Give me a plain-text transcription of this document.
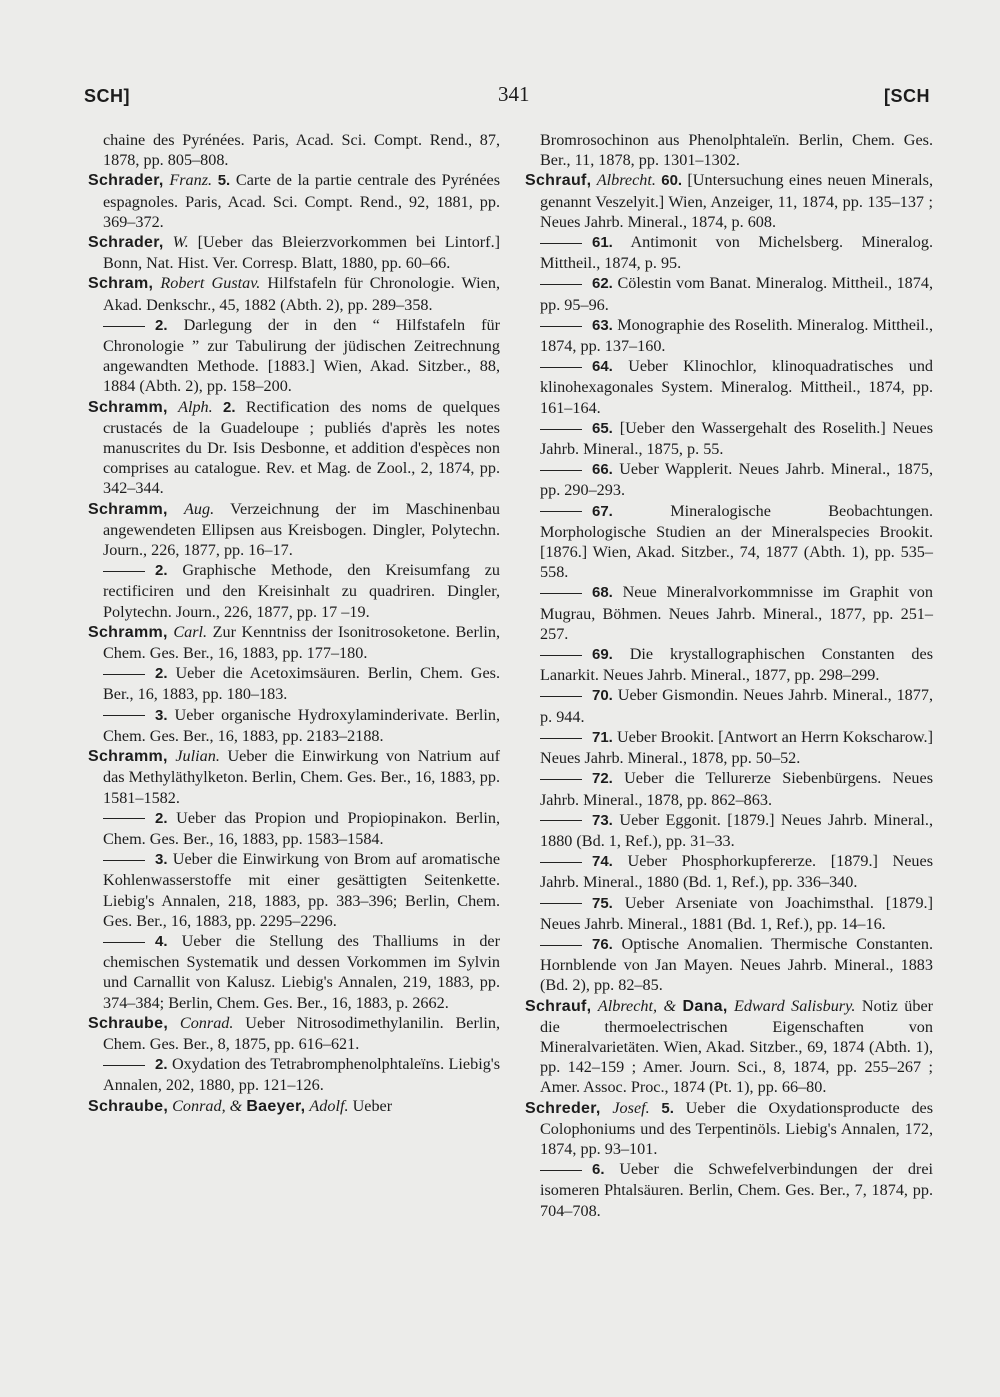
SCH]	341	[SCH

chaine des Pyrénées. Paris, Acad. Sci. Compt. Rend., 87, 1878, pp. 805–808.

Schrader, Franz. 5. Carte de la partie centrale des Pyrénées espagnoles. Paris, Acad. Sci. Compt. Rend., 92, 1881, pp. 369–372.

Schrader, W. [Ueber das Bleierzvorkommen bei Lintorf.] Bonn, Nat. Hist. Ver. Corresp. Blatt, 1880, pp. 60–66.

Schram, Robert Gustav. Hilfstafeln für Chronologie. Wien, Akad. Denkschr., 45, 1882 (Abth. 2), pp. 289–358.

2. Darlegung der in den “ Hilfstafeln für Chronologie ” zur Tabulirung der jüdischen Zeitrechnung angewandten Methode. [1883.] Wien, Akad. Sitzber., 88, 1884 (Abth. 2), pp. 158–200.

Schramm, Alph. 2. Rectification des noms de quelques crustacés de la Guadeloupe ; publiés d'après les notes manuscrites du Dr. Isis Desbonne, et addition d'espèces non comprises au catalogue. Rev. et Mag. de Zool., 2, 1874, pp. 342–344.

Schramm, Aug. Verzeichnung der im Maschinenbau angewendeten Ellipsen aus Kreisbogen. Dingler, Polytechn. Journ., 226, 1877, pp. 16–17.

2. Graphische Methode, den Kreisumfang zu rectificiren und den Kreisinhalt zu quadriren. Dingler, Polytechn. Journ., 226, 1877, pp. 17 –19.

Schramm, Carl. Zur Kenntniss der Isonitrosoketone. Berlin, Chem. Ges. Ber., 16, 1883, pp. 177–180.

2. Ueber die Acetoximsäuren. Berlin, Chem. Ges. Ber., 16, 1883, pp. 180–183.

3. Ueber organische Hydroxylaminderivate. Berlin, Chem. Ges. Ber., 16, 1883, pp. 2183–2188.

Schramm, Julian. Ueber die Einwirkung von Natrium auf das Methyläthylketon. Berlin, Chem. Ges. Ber., 16, 1883, pp. 1581–1582.

2. Ueber das Propion und Propiopinakon. Berlin, Chem. Ges. Ber., 16, 1883, pp. 1583–1584.

3. Ueber die Einwirkung von Brom auf aromatische Kohlenwasserstoffe mit einer gesättigten Seitenkette. Liebig's Annalen, 218, 1883, pp. 383–396; Berlin, Chem. Ges. Ber., 16, 1883, pp. 2295–2296.

4. Ueber die Stellung des Thalliums in der chemischen Systematik und dessen Vorkommen im Sylvin und Carnallit von Kalusz. Liebig's Annalen, 219, 1883, pp. 374–384; Berlin, Chem. Ges. Ber., 16, 1883, p. 2662.

Schraube, Conrad. Ueber Nitrosodimethylanilin. Berlin, Chem. Ges. Ber., 8, 1875, pp. 616–621.

2. Oxydation des Tetrabromphenolphtaleïns. Liebig's Annalen, 202, 1880, pp. 121–126.

Schraube, Conrad, & Baeyer, Adolf. Ueber

Bromrosochinon aus Phenolphtaleïn. Berlin, Chem. Ges. Ber., 11, 1878, pp. 1301–1302.

Schrauf, Albrecht. 60. [Untersuchung eines neuen Minerals, genannt Veszelyit.] Wien, Anzeiger, 11, 1874, pp. 135–137 ; Neues Jahrb. Mineral., 1874, p. 608.

61. Antimonit von Michelsberg. Mineralog. Mittheil., 1874, p. 95.

62. Cölestin vom Banat. Mineralog. Mittheil., 1874, pp. 95–96.

63. Monographie des Roselith. Mineralog. Mittheil., 1874, pp. 137–160.

64. Ueber Klinochlor, klinoquadratisches und klinohexagonales System. Mineralog. Mittheil., 1874, pp. 161–164.

65. [Ueber den Wassergehalt des Roselith.] Neues Jahrb. Mineral., 1875, p. 55.

66. Ueber Wapplerit. Neues Jahrb. Mineral., 1875, pp. 290–293.

67.	Mineralogische Beobachtungen. Morphologische Studien an der Mineralspecies Brookit. [1876.] Wien, Akad. Sitzber., 74, 1877 (Abth. 1), pp. 535–558.

68. Neue Mineralvorkommnisse im Graphit von Mugrau, Böhmen. Neues Jahrb. Mineral., 1877, pp. 251–257.

69. Die krystallographischen Constanten des Lanarkit. Neues Jahrb. Mineral., 1877, pp. 298–299.

70. Ueber Gismondin. Neues Jahrb. Mineral., 1877, p. 944.

71. Ueber Brookit. [Antwort an Herrn Kokscharow.] Neues Jahrb. Mineral., 1878, pp. 50–52.

72. Ueber die Tellurerze Siebenbürgens. Neues Jahrb. Mineral., 1878, pp. 862–863.

73. Ueber Eggonit. [1879.] Neues Jahrb. Mineral., 1880 (Bd. 1, Ref.), pp. 31–33.

74. Ueber Phosphorkupfererze. [1879.] Neues Jahrb. Mineral., 1880 (Bd. 1, Ref.), pp. 336–340.

75. Ueber Arseniate von Joachimsthal. [1879.] Neues Jahrb. Mineral., 1881 (Bd. 1, Ref.), pp. 14–16.

76. Optische Anomalien. Thermische Constanten. Hornblende von Jan Mayen. Neues Jahrb. Mineral., 1883 (Bd. 2), pp. 82–85.

Schrauf, Albrecht, & Dana, Edward Salisbury. Notiz über die thermoelectrischen Eigenschaften von Mineralvarietäten. Wien, Akad. Sitzber., 69, 1874 (Abth. 1), pp. 142–159 ; Amer. Journ. Sci., 8, 1874, pp. 255–267 ; Amer. Assoc. Proc., 1874 (Pt. 1), pp. 66–80.

Schreder, Josef. 5. Ueber die Oxydationsproducte des Colophoniums und des Terpentinöls. Liebig's Annalen, 172, 1874, pp. 93–101.

6. Ueber die Schwefelverbindungen der drei isomeren Phtalsäuren. Berlin, Chem. Ges. Ber., 7, 1874, pp. 704–708.
